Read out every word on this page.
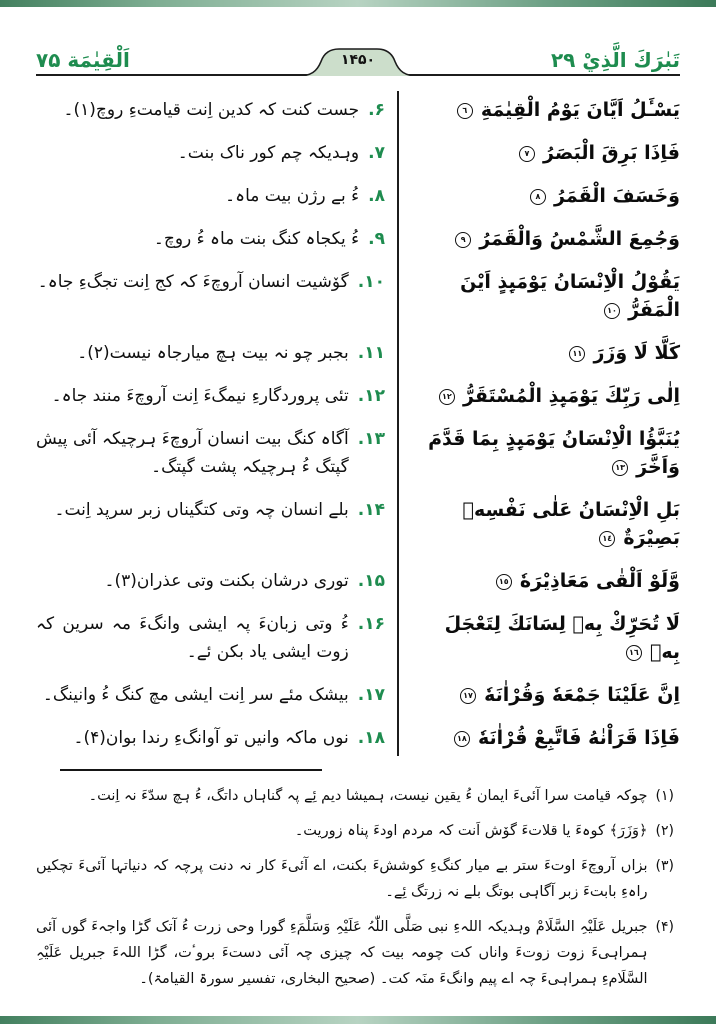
تَبٰرَكَ الَّذِيْ ۲۹
اَلْقِيٰمَة ۷۵	۱۴۵۰
يَسْـَٔلُ اَيَّانَ يَوْمُ الْقِيٰمَةِ
٦
۶.
جست کنت کہ کدین اِنت قیامتءِ روچ(۱)۔
فَاِذَا بَرِقَ الْبَصَرُ
٧
۷.
وہدیکہ چم کور ناک بنت۔
وَخَسَفَ الْقَمَرُ
٨
۸.
ءُ بے رژن بیت ماہ۔
وَجُمِعَ الشَّمْسُ وَالْقَمَرُ
٩
۹.
ءُ یکجاہ کنگ بنت ماہ ءُ روچ۔
يَقُوْلُ الْاِنْسَانُ يَوْمَىِٕذٍ اَيْنَ الْمَفَرُّ
١٠
۱۰.
گۆشیت انسان آروچءَ کہ کج اِنت تجگءِ جاہ۔
كَلَّا لَا وَزَرَ
١١
۱۱.
بجبر چو نہ بیت ہچ میارجاہ نیست(۲)۔
اِلٰى رَبِّكَ يَوْمَىِٕذِ الْمُسْتَقَرُّ
١٢
۱۲.
تئی پروردگارءِ نیمگءَ اِنت آروچءَ منند جاہ۔
يُنَبَّؤُا الْاِنْسَانُ يَوْمَىِٕذٍ بِمَا قَدَّمَ وَاَخَّرَ
١٣
۱۳.
آگاہ کنگ بیت انسان آروچءَ ہرچیکہ آئی پیش گپتگ ءُ ہرچیکہ پشت گپتگ۔
بَلِ الْاِنْسَانُ عَلٰى نَفْسِهٖ بَصِيْرَةٌ
١٤
۱۴.
بلے انسان چہ وتی کتگیناں زبر سرپد اِنت۔
وَّلَوْ اَلْقٰى مَعَاذِيْرَهٗ
١٥
۱۵.
توری درشان بکنت وتی عذران(۳)۔
لَا تُحَرِّكْ بِهٖ لِسَانَكَ لِتَعْجَلَ بِهٖ
١٦
۱۶.
ءُ وتی زبانءَ پہ ایشی وانگءَ مہ سرین کہ زوت ایشی یاد بکن ئے۔
اِنَّ عَلَيْنَا جَمْعَهٗ وَقُرْاٰنَهٗ
١٧
۱۷.
بیشک مئے سر اِنت ایشی مچ کنگ ءُ وانینگ۔
فَاِذَا قَرَاْنٰهُ فَاتَّبِعْ قُرْاٰنَهٗ
١٨
۱۸.
نوں ماکہ وانیں تو آوانگءِ رندا بوان(۴)۔
(۱)
چوکہ قیامت سرا آئیءَ ایمان ءُ یقین نیست، ہمیشا دیم ئِے پہ گناہاں داتگ، ءُ ہچ سدّءَ نہ اِنت۔
(۲)
﴿وَزَرَ﴾ کوہءَ یا قلاتءَ گۆش اَنت کہ مردم اودءَ پناہ زوریت۔
(۳)
بزاں آروچءَ اوتءَ ستر بے میار کنگءِ کوششءَ بکنت، اے آئیءَ کار نہ دنت پرچہ کہ دنیاتہا آئیءَ تچکیں راہءِ بابتءَ زبر آگاہی بوتگ بلے نہ زرتگ ئِے۔
(۴)
جبریل عَلَیْہِ السَّلَامْ وہدیکہ اللہءِ نبی صَلَّی اللّٰہُ عَلَیْہِ وَسَلَّمَءِ گورا وحی زرت ءُ آتک گڑا واجہءَ گوں آئی ہمراہیءَ زوت زوتءَ واناں کت چومہ بیت کہ چیزی چہ آئی دستءَ بروٴت، گڑا اللہءَ جبریل عَلَیْہِ السَّلَامءِ ہمراہیءَ چہ اے پیم وانگءَ منَہ کت۔ (صحیح البخاری، تفسیر سورۃ القیامۃ)۔
